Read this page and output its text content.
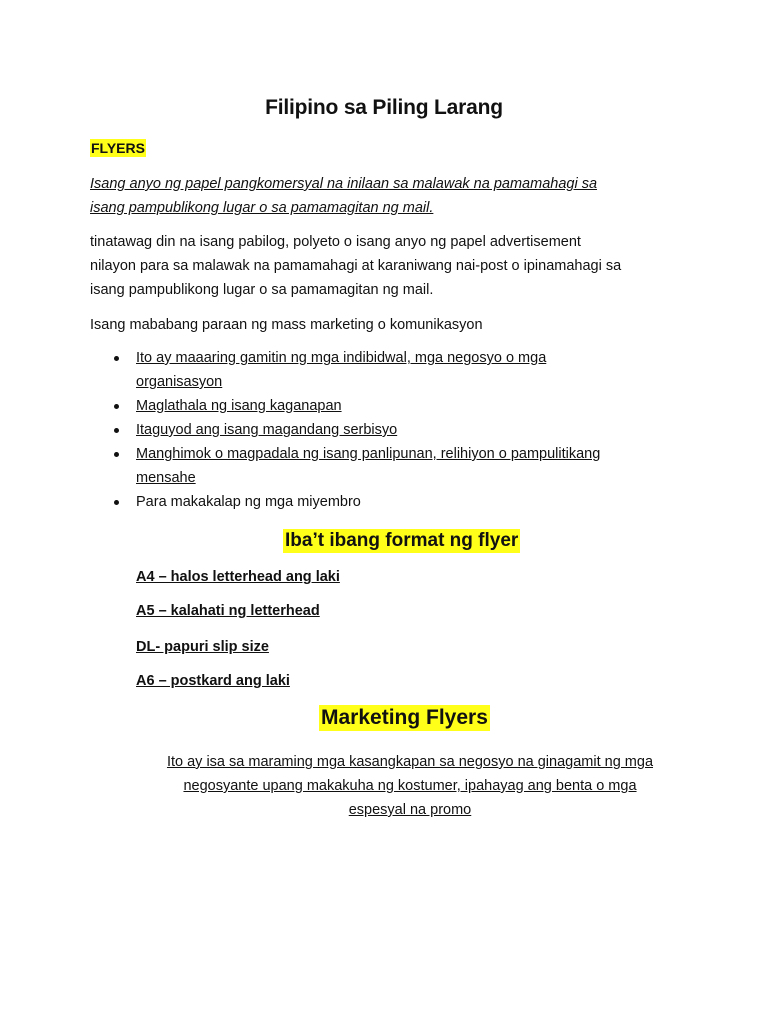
Filipino sa Piling Larang
FLYERS
Isang anyo ng papel pangkomersyal na inilaan sa malawak na pamamahagi sa
isang pampublikong lugar o sa pamamagitan ng mail.
tinatawag din na isang pabilog, polyeto o isang anyo ng papel advertisement
nilayon para sa malawak na pamamahagi at karaniwang nai-post o ipinamahagi sa
isang pampublikong lugar o sa pamamagitan ng mail.
Isang mababang paraan ng mass marketing o komunikasyon
Ito ay maaaring gamitin ng mga indibidwal, mga negosyo o mga
organisasyon
Maglathala ng isang kaganapan
Itaguyod ang isang magandang serbisyo
Manghimok o magpadala ng isang panlipunan, relihiyon o pampulitikang
mensahe
Para makakalap ng mga miyembro
Iba’t ibang format ng flyer
A4 – halos letterhead ang laki
A5 – kalahati ng letterhead
DL- papuri slip size
A6 – postkard ang laki
Marketing Flyers
Ito ay isa sa maraming mga kasangkapan sa negosyo na ginagamit ng mga
negosyante upang makakuha ng kostumer, ipahayag ang benta o mga
espesyal na promo
